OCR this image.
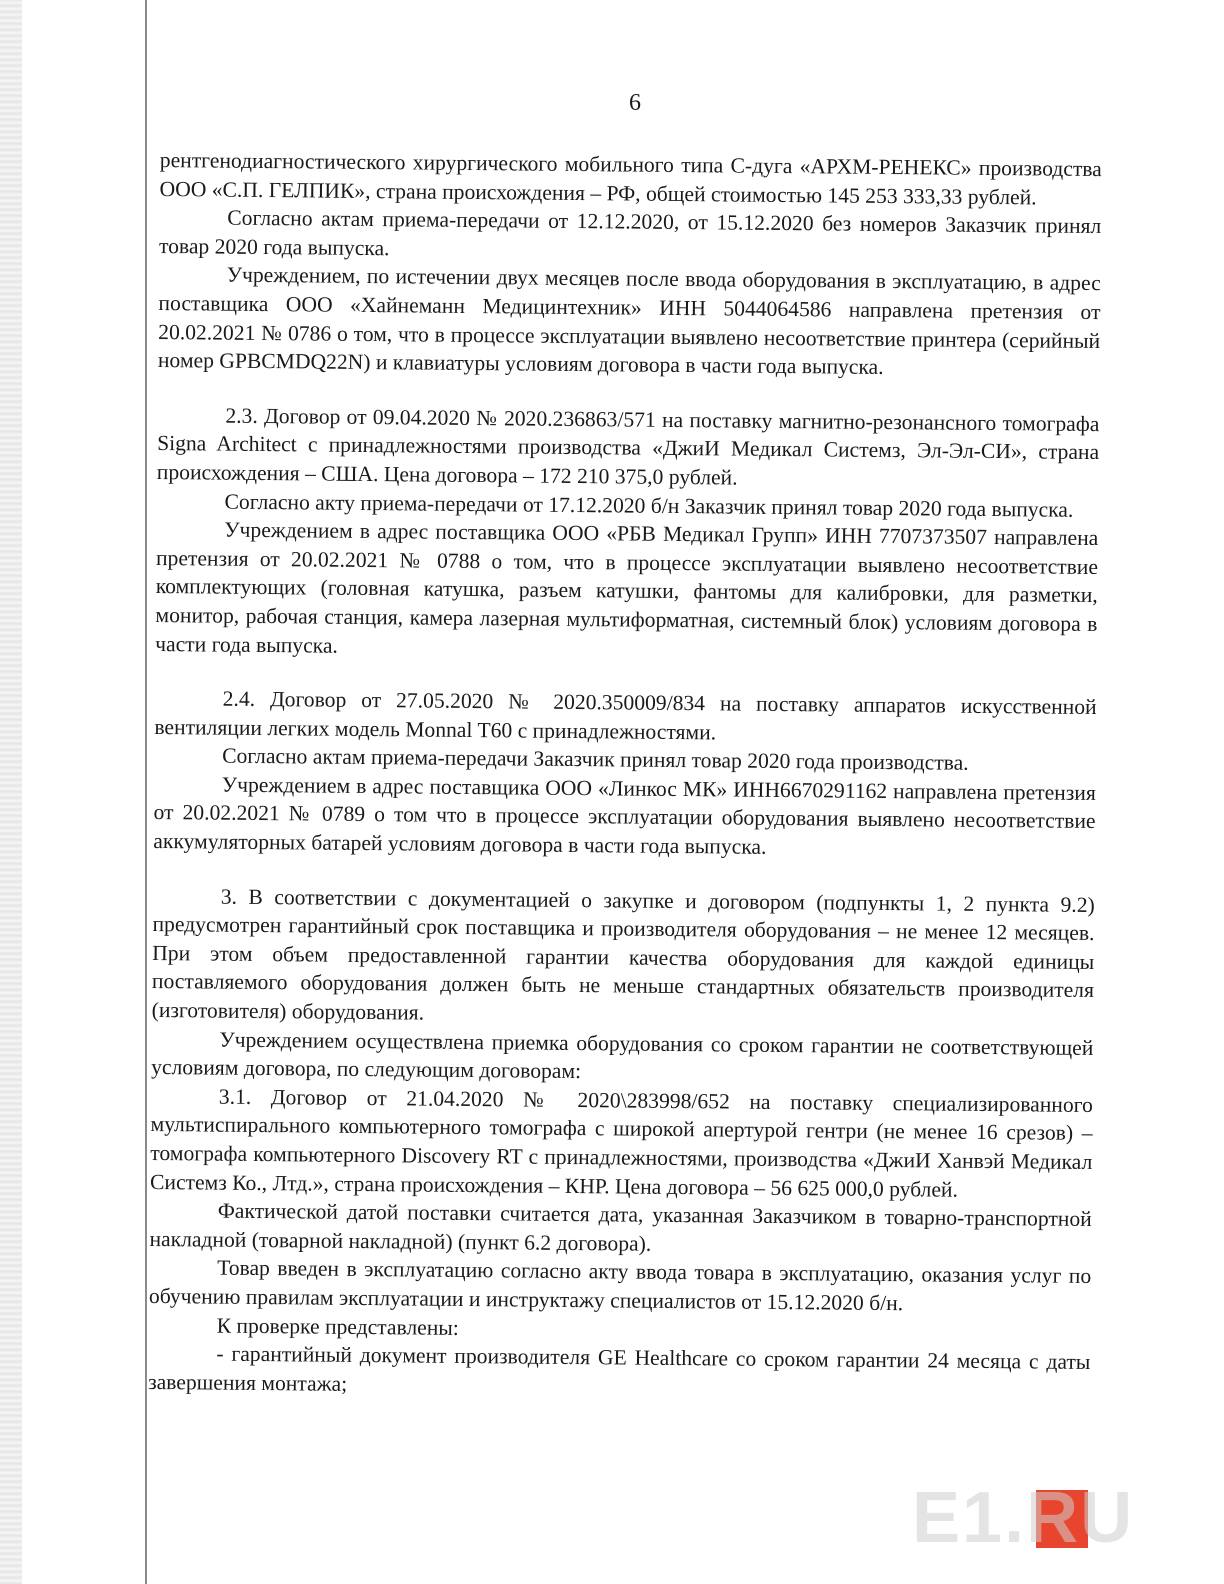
6

рентгенодиагностического хирургического мобильного типа С-дуга «АРХМ-РЕНЕКС» производства ООО «С.П. ГЕЛПИК», страна происхождения – РФ, общей стоимостью 145 253 333,33 рублей.

Согласно актам приема-передачи от 12.12.2020, от 15.12.2020 без номеров Заказчик принял товар 2020 года выпуска.

Учреждением, по истечении двух месяцев после ввода оборудования в эксплуатацию, в адрес поставщика ООО «Хайнеманн Медицинтехник» ИНН 5044064586 направлена претензия от 20.02.2021 № 0786 о том, что в процессе эксплуатации выявлено несоответствие принтера (серийный номер GPBCMDQ22N) и клавиатуры условиям договора в части года выпуска.

2.3. Договор от 09.04.2020 № 2020.236863/571 на поставку магнитно-резонансного томографа Signa Architect с принадлежностями производства «ДжиИ Медикал Системз, Эл-Эл-СИ», страна происхождения – США. Цена договора – 172 210 375,0 рублей.

Согласно акту приема-передачи от 17.12.2020 б/н Заказчик принял товар 2020 года выпуска.

Учреждением в адрес поставщика ООО «РБВ Медикал Групп» ИНН 7707373507 направлена претензия от 20.02.2021 № 0788 о том, что в процессе эксплуатации выявлено несоответствие комплектующих (головная катушка, разъем катушки, фантомы для калибровки, для разметки, монитор, рабочая станция, камера лазерная мультиформатная, системный блок) условиям договора в части года выпуска.

2.4. Договор от 27.05.2020 № 2020.350009/834 на поставку аппаратов искусственной вентиляции легких модель Monnal T60 с принадлежностями.

Согласно актам приема-передачи Заказчик принял товар 2020 года производства.

Учреждением в адрес поставщика ООО «Линкос МК» ИНН6670291162 направлена претензия от 20.02.2021 № 0789 о том что в процессе эксплуатации оборудования выявлено несоответствие аккумуляторных батарей условиям договора в части года выпуска.

3. В соответствии с документацией о закупке и договором (подпункты 1, 2 пункта 9.2) предусмотрен гарантийный срок поставщика и производителя оборудования – не менее 12 месяцев. При этом объем предоставленной гарантии качества оборудования для каждой единицы поставляемого оборудования должен быть не меньше стандартных обязательств производителя (изготовителя) оборудования.

Учреждением осуществлена приемка оборудования со сроком гарантии не соответствующей условиям договора, по следующим договорам:

3.1. Договор от 21.04.2020 № 2020\283998/652 на поставку специализированного мультиспирального компьютерного томографа с широкой апертурой гентри (не менее 16 срезов) – томографа компьютерного Discovery RT с принадлежностями, производства «ДжиИ Ханвэй Медикал Системз Ко., Лтд.», страна происхождения – КНР. Цена договора – 56 625 000,0 рублей.

Фактической датой поставки считается дата, указанная Заказчиком в товарно-транспортной накладной (товарной накладной) (пункт 6.2 договора).

Товар введен в эксплуатацию согласно акту ввода товара в эксплуатацию, оказания услуг по обучению правилам эксплуатации и инструктажу специалистов от 15.12.2020 б/н.

К проверке представлены:

- гарантийный документ производителя GE Healthcare со сроком гарантии 24 месяца с даты завершения монтажа;

E1.RU
